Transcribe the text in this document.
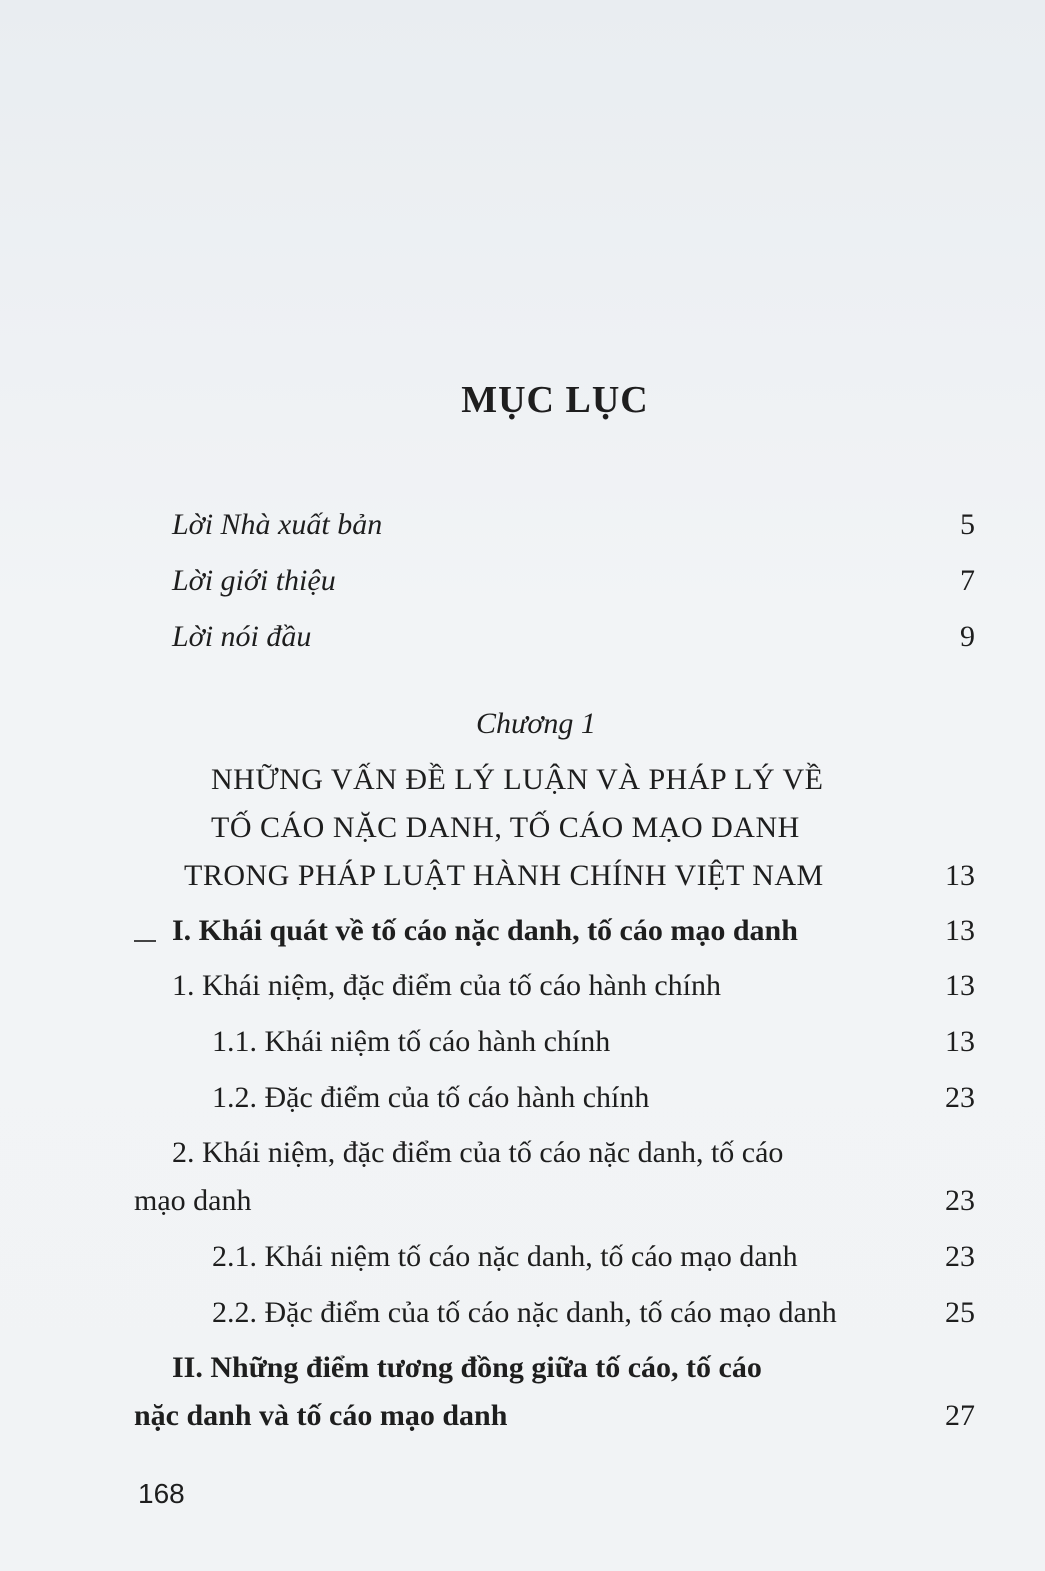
MỤC LỤC
Lời Nhà xuất bản	5
Lời giới thiệu	7
Lời nói đầu	9
Chương 1
NHỮNG VẤN ĐỀ LÝ LUẬN VÀ PHÁP LÝ VỀ
TỐ CÁO NẶC DANH, TỐ CÁO MẠO DANH
TRONG PHÁP LUẬT HÀNH CHÍNH VIỆT NAM	13
I. Khái quát về tố cáo nặc danh, tố cáo mạo danh	13
1. Khái niệm, đặc điểm của tố cáo hành chính	13
1.1. Khái niệm tố cáo hành chính	13
1.2. Đặc điểm của tố cáo hành chính	23
2. Khái niệm, đặc điểm của tố cáo nặc danh, tố cáo
mạo danh	23
2.1. Khái niệm tố cáo nặc danh, tố cáo mạo danh	23
2.2. Đặc điểm của tố cáo nặc danh, tố cáo mạo danh	25
II. Những điểm tương đồng giữa tố cáo, tố cáo
nặc danh và tố cáo mạo danh	27
168
